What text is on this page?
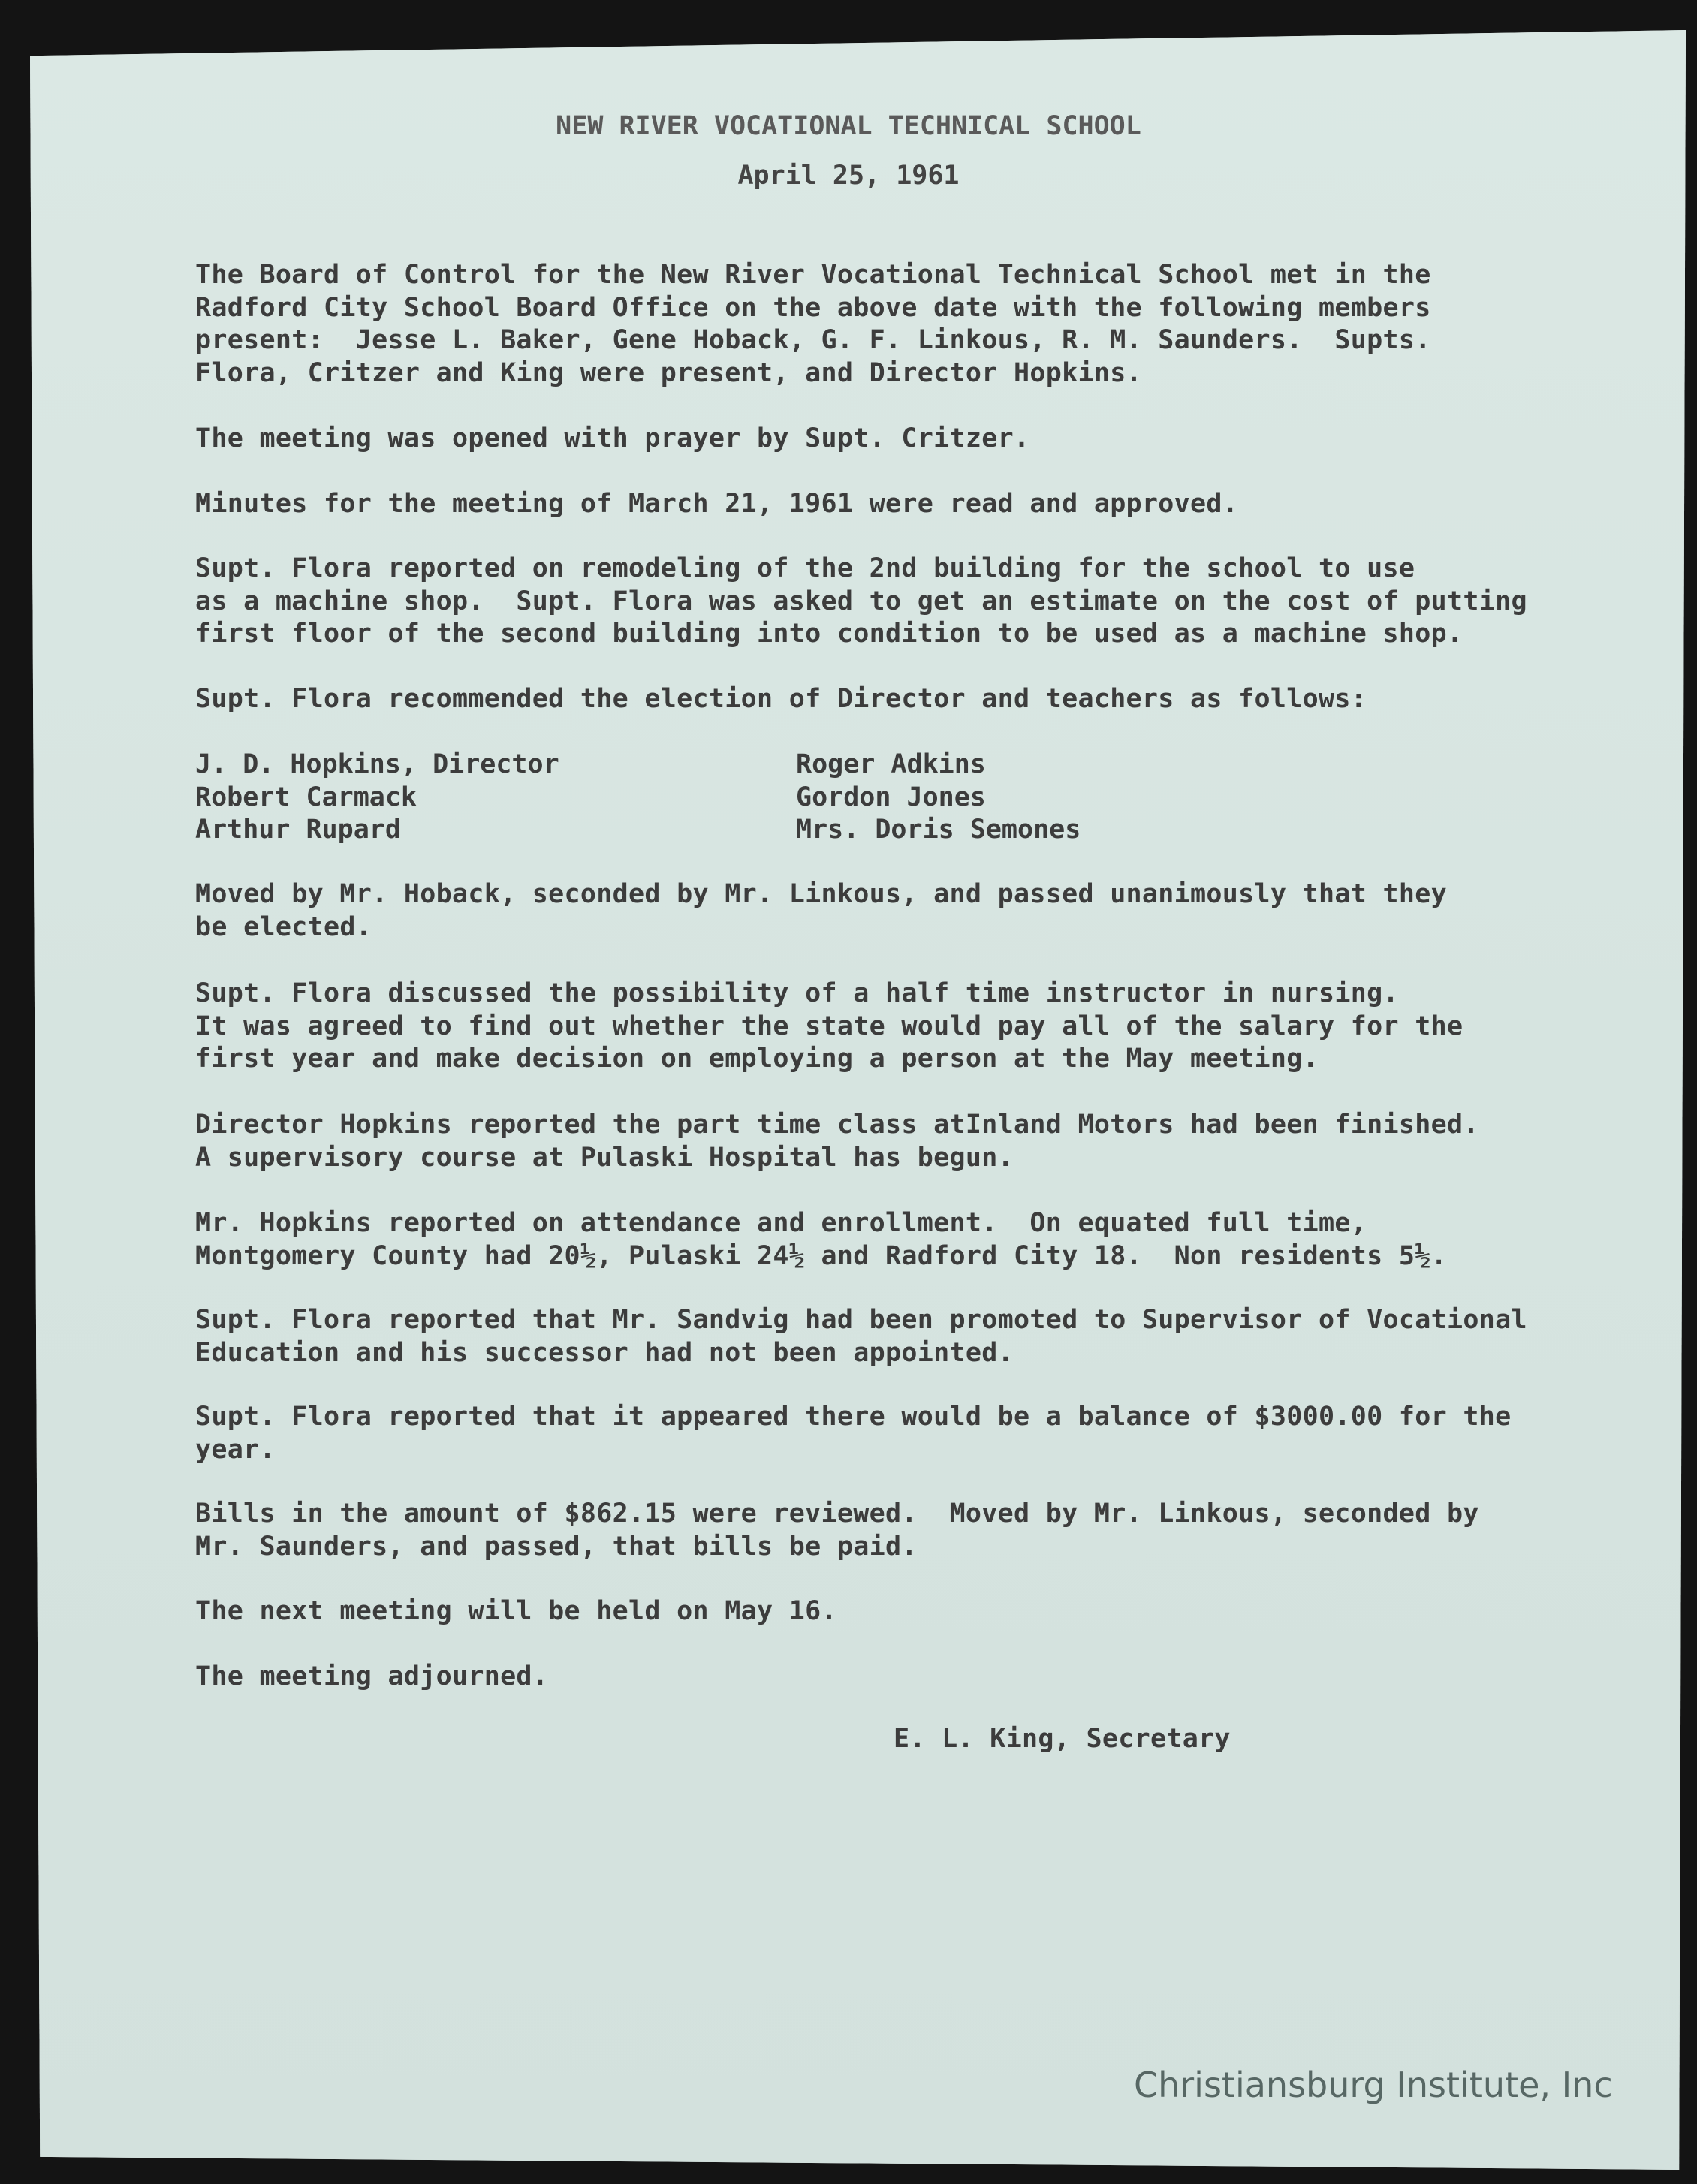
NEW RIVER VOCATIONAL TECHNICAL SCHOOL
April 25, 1961
The Board of Control for the New River Vocational Technical School met in the
Radford City School Board Office on the above date with the following members
present:  Jesse L. Baker, Gene Hoback, G. F. Linkous, R. M. Saunders.  Supts.
Flora, Critzer and King were present, and Director Hopkins.
The meeting was opened with prayer by Supt. Critzer.
Minutes for the meeting of March 21, 1961 were read and approved.
Supt. Flora reported on remodeling of the 2nd building for the school to use
as a machine shop.  Supt. Flora was asked to get an estimate on the cost of putting
first floor of the second building into condition to be used as a machine shop.
Supt. Flora recommended the election of Director and teachers as follows:
J. D. Hopkins, Director
Robert Carmack
Arthur Rupard
Roger Adkins
Gordon Jones
Mrs. Doris Semones
Moved by Mr. Hoback, seconded by Mr. Linkous, and passed unanimously that they
be elected.
Supt. Flora discussed the possibility of a half time instructor in nursing.
It was agreed to find out whether the state would pay all of the salary for the
first year and make decision on employing a person at the May meeting.
Director Hopkins reported the part time class atInland Motors had been finished.
A supervisory course at Pulaski Hospital has begun.
Mr. Hopkins reported on attendance and enrollment.  On equated full time,
Montgomery County had 20½, Pulaski 24½ and Radford City 18.  Non residents 5½.
Supt. Flora reported that Mr. Sandvig had been promoted to Supervisor of Vocational
Education and his successor had not been appointed.
Supt. Flora reported that it appeared there would be a balance of $3000.00 for the
year.
Bills in the amount of $862.15 were reviewed.  Moved by Mr. Linkous, seconded by
Mr. Saunders, and passed, that bills be paid.
The next meeting will be held on May 16.
The meeting adjourned.
E. L. King, Secretary
Christiansburg Institute, Inc
